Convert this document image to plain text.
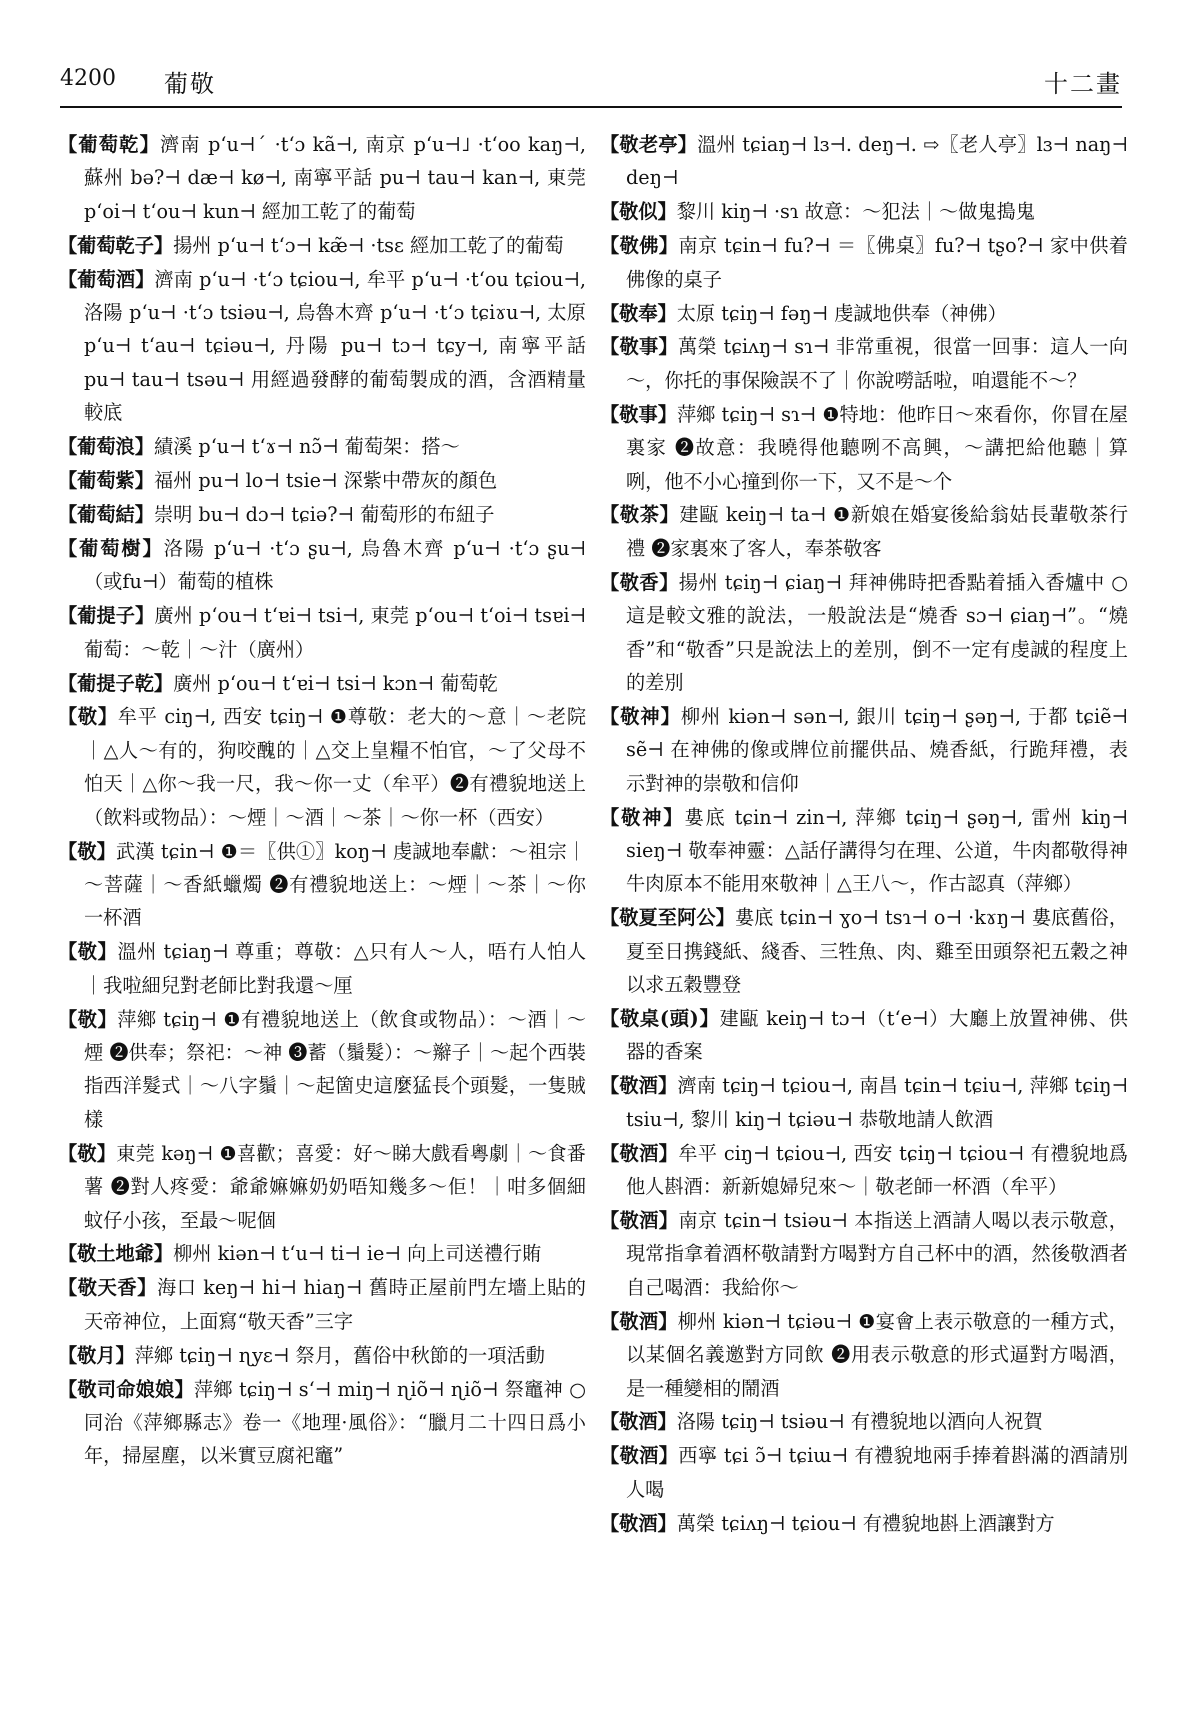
4200 葡敬	十二畫

【葡萄乾】濟南 pʻu⊣ˊ ·tʻɔ kã⊣, 南京 pʻu⊣˩ ·tʻoo kaŋ⊣, 蘇州 bə?⊣ dæ⊣ kø⊣, 南寧平話 pu⊣ tau⊣ kan⊣, 東莞 pʻoi⊣ tʻou⊣ kun⊣ 經加工乾了的葡萄

【葡萄乾子】揚州 pʻu⊣ tʻɔ⊣ kæ̃⊣ ·tsɛ 經加工乾了的葡萄

【葡萄酒】濟南 pʻu⊣ ·tʻɔ tɕiou⊣, 牟平 pʻu⊣ ·tʻou tɕiou⊣, 洛陽 pʻu⊣ ·tʻɔ tsiəu⊣, 烏魯木齊 pʻu⊣ ·tʻɔ tɕiɤu⊣, 太原 pʻu⊣ tʻau⊣ tɕiəu⊣, 丹陽 pu⊣ tɔ⊣ tɕy⊣, 南寧平話 pu⊣ tau⊣ tsəu⊣ 用經過發酵的葡萄製成的酒，含酒精量較底

【葡萄浪】績溪 pʻu⊣ tʻɤ⊣ nɔ̃⊣ 葡萄架：搭～

【葡萄紫】福州 pu⊣ lo⊣ tsie⊣ 深紫中帶灰的顏色

【葡萄結】崇明 bu⊣ dɔ⊣ tɕiə?⊣ 葡萄形的布紐子

【葡萄樹】洛陽 pʻu⊣ ·tʻɔ ʂu⊣, 烏魯木齊 pʻu⊣ ·tʻɔ ʂu⊣（或fu⊣）葡萄的植株

【葡提子】廣州 pʻou⊣ tʻɐi⊣ tsi⊣, 東莞 pʻou⊣ tʻoi⊣ tsɐi⊣ 葡萄：～乾｜～汁（廣州）

【葡提子乾】廣州 pʻou⊣ tʻɐi⊣ tsi⊣ kɔn⊣ 葡萄乾

【敬】牟平 ciŋ⊣, 西安 tɕiŋ⊣ ❶尊敬：老大的～意｜～老院｜△人～有的，狗咬醜的｜△交上皇糧不怕官，～了父母不怕天｜△你～我一尺，我～你一丈（牟平）❷有禮貌地送上（飲料或物品）：～煙｜～酒｜～茶｜～你一杯（西安）

【敬】武漢 tɕin⊣ ❶＝〖供①〗koŋ⊣ 虔誠地奉獻：～祖宗｜～菩薩｜～香紙蠟燭 ❷有禮貌地送上：～煙｜～茶｜～你一杯酒

【敬】溫州 tɕiaŋ⊣ 尊重；尊敬：△只有人～人，唔冇人怕人｜我啦細兒對老師比對我還～厘

【敬】萍鄉 tɕiŋ⊣ ❶有禮貌地送上（飲食或物品）：～酒｜～煙 ❷供奉；祭祀：～神 ❸蓄（鬚髮）：～辮子｜～起个西裝指西洋髮式｜～八字鬚｜～起箇史這麼猛長个頭髮，一隻賊樣

【敬】東莞 kəŋ⊣ ❶喜歡；喜愛：好～睇大戲看粵劇｜～食番薯 ❷對人疼愛：爺爺嫲嫲奶奶唔知幾多～佢！｜咁多個細蚊仔小孩，至最～呢個

【敬土地爺】柳州 kiən⊣ tʻu⊣ ti⊣ ie⊣ 向上司送禮行賄

【敬天香】海口 keŋ⊣ hi⊣ hiaŋ⊣ 舊時正屋前門左墻上貼的天帝神位，上面寫“敬天香”三字

【敬月】萍鄉 tɕiŋ⊣ ɳyɛ⊣ 祭月，舊俗中秋節的一項活動

【敬司命娘娘】萍鄉 tɕiŋ⊣ sʻ⊣ miŋ⊣ ɳiõ⊣ ɳiõ⊣ 祭竈神 ○同治《萍鄉縣志》卷一《地理·風俗》：“臘月二十四日爲小年，掃屋塵，以米實豆腐祀竈”

【敬老亭】溫州 tɕiaŋ⊣ lɜ⊣. deŋ⊣. ⇨〖老人亭〗lɜ⊣ naŋ⊣ deŋ⊣

【敬似】黎川 kiŋ⊣ ·sɿ 故意：～犯法｜～做鬼搗鬼

【敬佛】南京 tɕin⊣ fu?⊣ ＝〖佛桌〗fu?⊣ tʂo?⊣ 家中供着佛像的桌子

【敬奉】太原 tɕiŋ⊣ fəŋ⊣ 虔誠地供奉（神佛）

【敬事】萬榮 tɕiʌŋ⊣ sɿ⊣ 非常重視，很當一回事：這人一向～，你托的事保險誤不了｜你說嘮話啦，咱還能不～？

【敬事】萍鄉 tɕiŋ⊣ sɿ⊣ ❶特地：他昨日～來看你，你冒在屋裏家 ❷故意：我曉得他聽咧不高興，～講把給他聽｜算咧，他不小心撞到你一下，又不是～个

【敬茶】建甌 keiŋ⊣ ta⊣ ❶新娘在婚宴後給翁姑長輩敬茶行禮 ❷家裏來了客人，奉茶敬客

【敬香】揚州 tɕiŋ⊣ ɕiaŋ⊣ 拜神佛時把香點着插入香爐中 ○這是較文雅的說法，一般說法是“燒香 sɔ⊣ ɕiaŋ⊣”。“燒香”和“敬香”只是說法上的差別，倒不一定有虔誠的程度上的差別

【敬神】柳州 kiən⊣ sən⊣, 銀川 tɕiŋ⊣ ʂəŋ⊣, 于都 tɕiẽ⊣ sẽ⊣ 在神佛的像或牌位前擺供品、燒香紙，行跪拜禮，表示對神的崇敬和信仰

【敬神】婁底 tɕin⊣ zin⊣, 萍鄉 tɕiŋ⊣ ʂəŋ⊣, 雷州 kiŋ⊣ sieŋ⊣ 敬奉神靈：△話仔講得匀在理、公道，牛肉都敬得神牛肉原本不能用來敬神｜△王八～，作古認真（萍鄉）

【敬夏至阿公】婁底 tɕin⊣ ɣo⊣ tsɿ⊣ o⊣ ·kɤŋ⊣ 婁底舊俗，夏至日携錢紙、綫香、三牲魚、肉、雞至田頭祭祀五穀之神以求五穀豐登

【敬桌(頭)】建甌 keiŋ⊣ tɔ⊣（tʻe⊣）大廳上放置神佛、供器的香案

【敬酒】濟南 tɕiŋ⊣ tɕiou⊣, 南昌 tɕin⊣ tɕiu⊣, 萍鄉 tɕiŋ⊣ tsiu⊣, 黎川 kiŋ⊣ tɕiəu⊣ 恭敬地請人飲酒

【敬酒】牟平 ciŋ⊣ tɕiou⊣, 西安 tɕiŋ⊣ tɕiou⊣ 有禮貌地爲他人斟酒：新新媳婦兒來～｜敬老師一杯酒（牟平）

【敬酒】南京 tɕin⊣ tsiəu⊣ 本指送上酒請人喝以表示敬意，現常指拿着酒杯敬請對方喝對方自己杯中的酒，然後敬酒者自己喝酒：我給你～

【敬酒】柳州 kiən⊣ tɕiəu⊣ ❶宴會上表示敬意的一種方式，以某個名義邀對方同飲 ❷用表示敬意的形式逼對方喝酒，是一種變相的鬧酒

【敬酒】洛陽 tɕiŋ⊣ tsiəu⊣ 有禮貌地以酒向人祝賀

【敬酒】西寧 tɕi ɔ̃⊣ tɕiɯ⊣ 有禮貌地兩手捧着斟滿的酒請別人喝

【敬酒】萬榮 tɕiʌŋ⊣ tɕiou⊣ 有禮貌地斟上酒讓對方
